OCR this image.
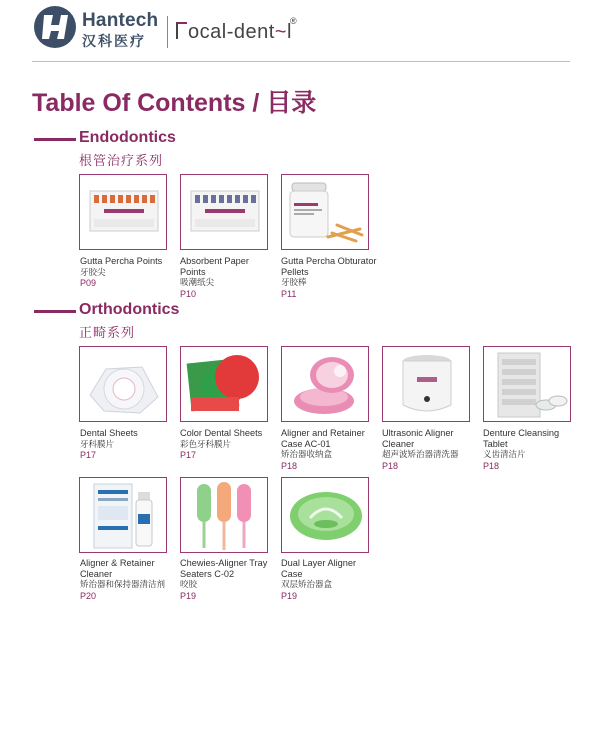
Hantech
汉科医疗	ocal-dent~l
®
Table Of Contents / 目录
Endodontics
根管治疗系列
Gutta Percha Points
牙胶尖
P09
Absorbent Paper Points
吸潮纸尖
P10
Gutta Percha Obturator Pellets
牙胶棒
P11
Orthodontics
正畸系列
Dental Sheets
牙科膜片
P17
Color Dental Sheets
彩色牙科膜片
P17
Aligner and Retainer Case AC-01
矫治器收纳盒
P18
Ultrasonic Aligner Cleaner
超声波矫治器清洗器
P18
Denture Cleansing Tablet
义齿清洁片
P18
Aligner & Retainer Cleaner
矫治器和保持器清洁剂
P20
Chewies-Aligner Tray Seaters C-02
咬胶
P19
Dual Layer Aligner Case
双层矫治器盒
P19
